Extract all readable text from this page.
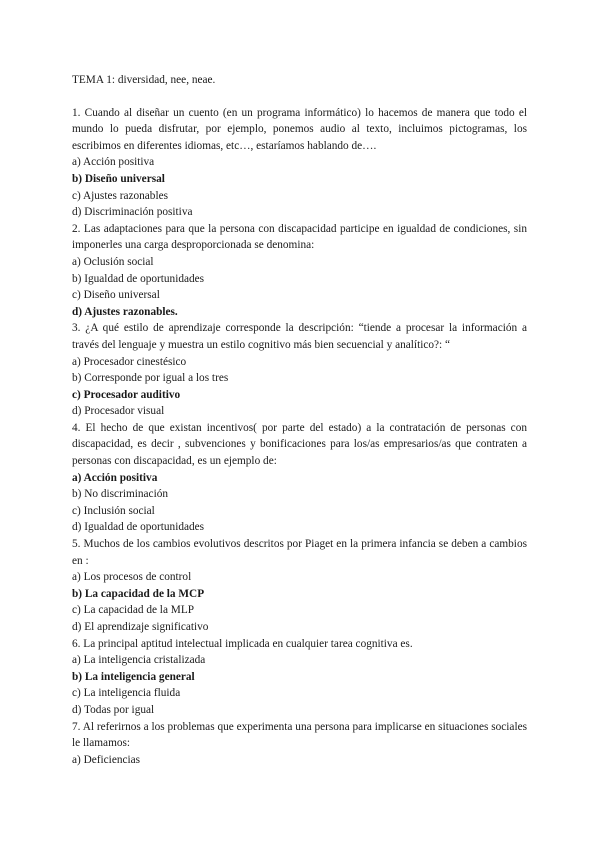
TEMA 1: diversidad, nee, neae.
1. Cuando al diseñar un cuento (en un programa informático) lo hacemos de manera que todo el mundo lo pueda disfrutar, por ejemplo, ponemos audio al texto, incluimos pictogramas, los escribimos en diferentes idiomas, etc…, estaríamos hablando de….
a) Acción positiva
b) Diseño universal
c) Ajustes razonables
d) Discriminación positiva
2. Las adaptaciones para que la persona con discapacidad participe en igualdad de condiciones, sin imponerles una carga desproporcionada se denomina:
a) Oclusión social
b) Igualdad de oportunidades
c) Diseño universal
d) Ajustes razonables.
3. ¿A qué estilo de aprendizaje corresponde la descripción: “tiende a procesar la información a través del lenguaje y muestra un estilo cognitivo más bien secuencial y analítico?: “
a) Procesador cinestésico
b) Corresponde por igual a los tres
c) Procesador auditivo
d) Procesador visual
4. El hecho de que existan incentivos( por parte del estado) a la contratación de personas con discapacidad, es decir , subvenciones y bonificaciones para los/as empresarios/as que contraten a personas con discapacidad, es un ejemplo de:
a) Acción positiva
b) No discriminación
c) Inclusión social
d) Igualdad de oportunidades
5. Muchos de los cambios evolutivos descritos por Piaget en la primera infancia se deben a cambios en :
a) Los procesos de control
b) La capacidad de la MCP
c) La capacidad de la MLP
d) El aprendizaje significativo
6. La principal aptitud intelectual implicada en cualquier tarea cognitiva es.
a) La inteligencia cristalizada
b) La inteligencia general
c) La inteligencia fluida
d) Todas por igual
7. Al referirnos a los problemas que experimenta una persona para implicarse en situaciones sociales le llamamos:
a) Deficiencias
